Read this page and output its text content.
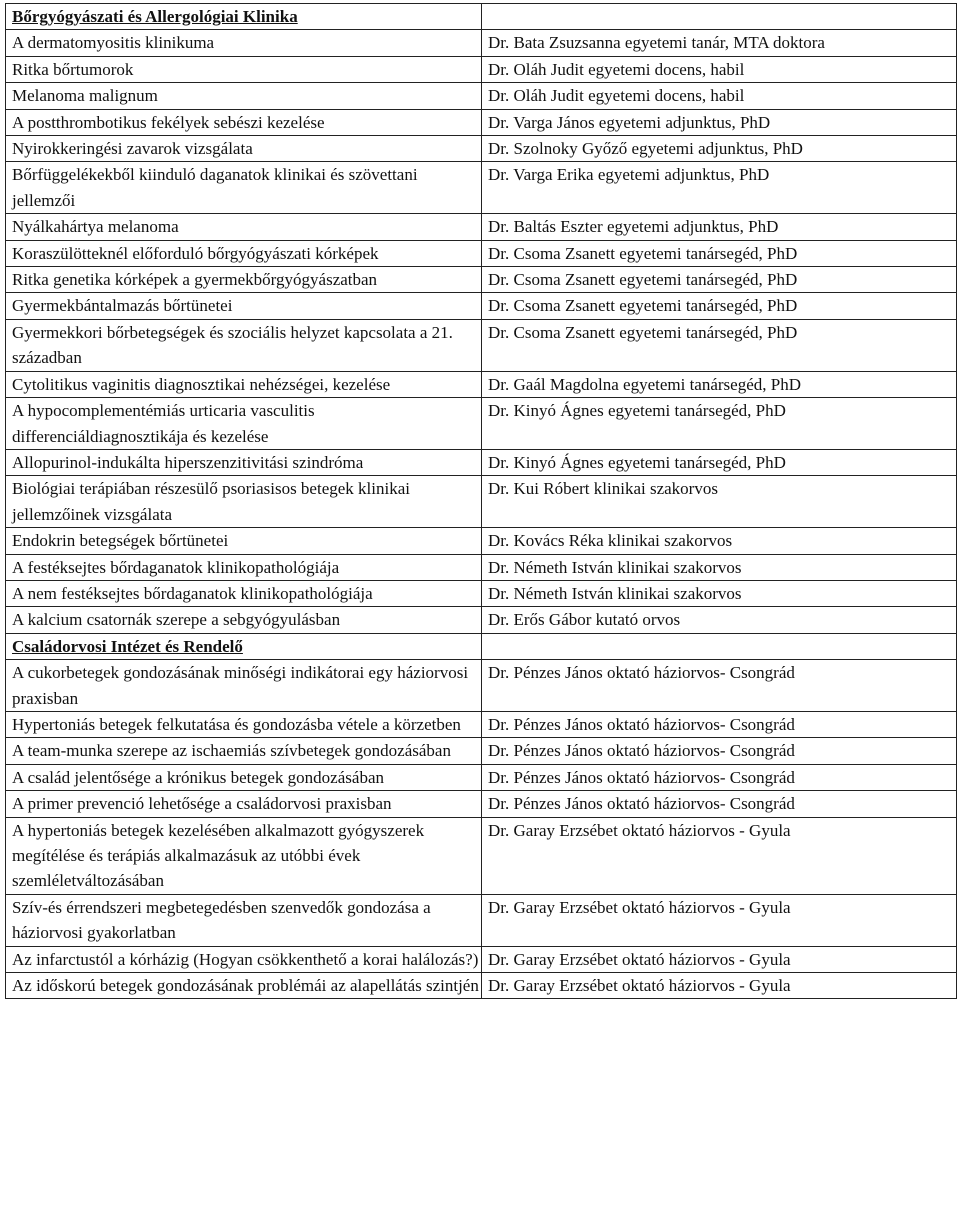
Bőrgyógyászati és Allergológiai Klinika	
A dermatomyositis klinikuma	Dr. Bata Zsuzsanna egyetemi tanár, MTA doktora
Ritka bőrtumorok	Dr. Oláh Judit egyetemi docens, habil
Melanoma malignum	Dr. Oláh Judit egyetemi docens, habil
A postthrombotikus fekélyek sebészi kezelése	Dr. Varga János egyetemi adjunktus, PhD
Nyirokkeringési zavarok vizsgálata	Dr. Szolnoky Győző egyetemi adjunktus, PhD
Bőrfüggelékekből kiinduló daganatok klinikai és szövettani jellemzői	Dr. Varga Erika egyetemi adjunktus, PhD
Nyálkahártya melanoma	Dr. Baltás Eszter egyetemi adjunktus, PhD
Koraszülötteknél előforduló bőrgyógyászati kórképek	Dr. Csoma Zsanett egyetemi tanársegéd, PhD
Ritka genetika kórképek a gyermekbőrgyógyászatban	Dr. Csoma Zsanett egyetemi tanársegéd, PhD
Gyermekbántalmazás bőrtünetei	Dr. Csoma Zsanett egyetemi tanársegéd, PhD
Gyermekkori bőrbetegségek és szociális helyzet kapcsolata a 21. században	Dr. Csoma Zsanett egyetemi tanársegéd, PhD
Cytolitikus vaginitis diagnosztikai nehézségei, kezelése	Dr. Gaál Magdolna egyetemi tanársegéd, PhD
A hypocomplementémiás urticaria vasculitis differenciáldiagnosztikája és kezelése	Dr. Kinyó Ágnes egyetemi tanársegéd, PhD
Allopurinol-indukálta hiperszenzitivitási szindróma	Dr. Kinyó Ágnes egyetemi tanársegéd, PhD
Biológiai terápiában részesülő psoriasisos betegek klinikai jellemzőinek vizsgálata	Dr. Kui Róbert klinikai szakorvos
Endokrin betegségek bőrtünetei	Dr. Kovács Réka klinikai szakorvos
A festéksejtes bőrdaganatok klinikopathológiája	Dr. Németh István klinikai szakorvos
A nem festéksejtes bőrdaganatok klinikopathológiája	Dr. Németh István klinikai szakorvos
A kalcium csatornák szerepe a sebgyógyulásban	Dr. Erős Gábor kutató orvos
Családorvosi Intézet és Rendelő	
A cukorbetegek gondozásának minőségi indikátorai egy háziorvosi praxisban	Dr. Pénzes János oktató háziorvos- Csongrád
Hypertoniás betegek felkutatása és gondozásba vétele a körzetben	Dr. Pénzes János oktató háziorvos- Csongrád
A team-munka szerepe az ischaemiás szívbetegek gondozásában	Dr. Pénzes János oktató háziorvos- Csongrád
A család jelentősége a krónikus betegek gondozásában	Dr. Pénzes János oktató háziorvos- Csongrád
A primer prevenció lehetősége a családorvosi praxisban	Dr. Pénzes János oktató háziorvos- Csongrád
A hypertoniás betegek kezelésében alkalmazott gyógyszerek megítélése és terápiás alkalmazásuk az utóbbi évek szemléletváltozásában	Dr. Garay Erzsébet oktató háziorvos - Gyula
Szív-és érrendszeri megbetegedésben szenvedők gondozása a háziorvosi gyakorlatban	Dr. Garay Erzsébet oktató háziorvos - Gyula
Az infarctustól a kórházig (Hogyan csökkenthető a korai halálozás?)	Dr. Garay Erzsébet oktató háziorvos - Gyula
Az időskorú betegek gondozásának problémái az alapellátás szintjén	Dr. Garay Erzsébet oktató háziorvos - Gyula
